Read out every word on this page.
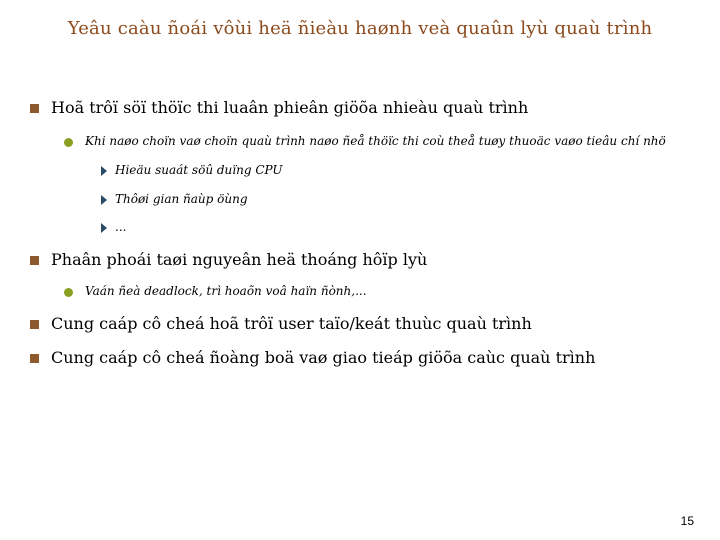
Yeâu caàu ñoái vôùi heä ñieàu haønh veà quaûn lyù quaù trình
Hoã trôï söï thöïc thi luaân phieân giöõa nhieàu quaù trình
Khi naøo choïn vaø choïn quaù trình naøo ñeå thöïc thi coù theå tuøy thuoäc vaøo tieâu chí nhö
Hieäu suaát söû duïng CPU
Thôøi gian ñaùp öùng
...
Phaân phoái taøi nguyeân heä thoáng hôïp lyù
Vaán ñeà deadlock, trì hoaõn voâ haïn ñònh,...
Cung caáp cô cheá hoã trôï user taïo/keát thuùc quaù trình
Cung caáp cô cheá ñoàng boä vaø giao tieáp giöõa caùc quaù trình
15
